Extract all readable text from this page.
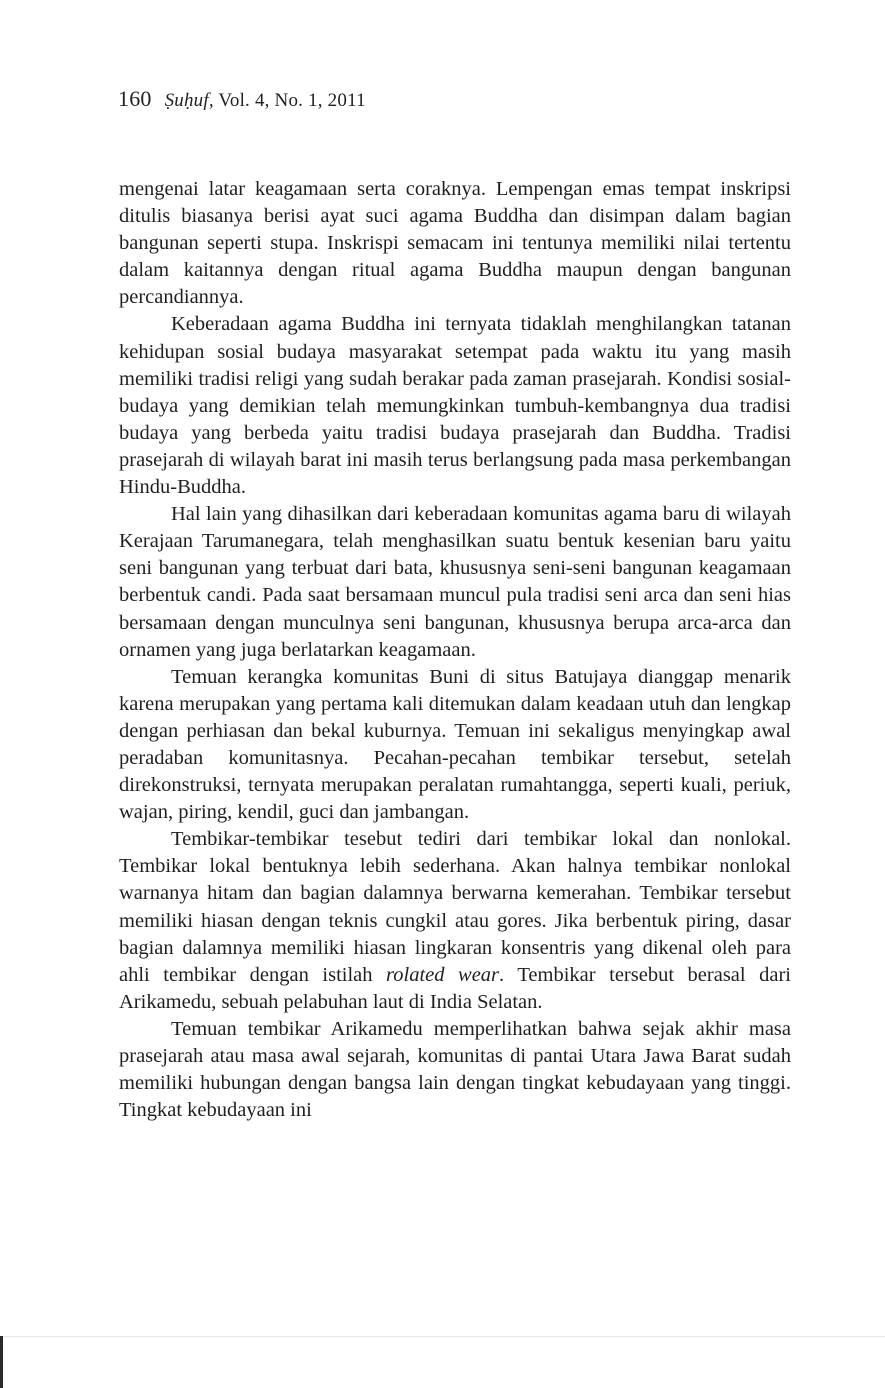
160 Ṣuḥuf, Vol. 4, No. 1, 2011

mengenai latar keagamaan serta coraknya. Lempengan emas tempat inskripsi ditulis biasanya berisi ayat suci agama Buddha dan disimpan dalam bagian bangunan seperti stupa. Inskrispi semacam ini tentunya memiliki nilai tertentu dalam kaitannya dengan ritual agama Buddha maupun dengan bangunan percandiannya.

Keberadaan agama Buddha ini ternyata tidaklah menghilangkan tatanan kehidupan sosial budaya masyarakat setempat pada waktu itu yang masih memiliki tradisi religi yang sudah berakar pada zaman prasejarah. Kondisi sosial-budaya yang demikian telah memungkinkan tumbuh-kembangnya dua tradisi budaya yang berbeda yaitu tradisi budaya prasejarah dan Buddha. Tradisi prasejarah di wilayah barat ini masih terus berlangsung pada masa perkembangan Hindu-Buddha.

Hal lain yang dihasilkan dari keberadaan komunitas agama baru di wilayah Kerajaan Tarumanegara, telah menghasilkan suatu bentuk kesenian baru yaitu seni bangunan yang terbuat dari bata, khususnya seni-seni bangunan keagamaan berbentuk candi. Pada saat bersamaan muncul pula tradisi seni arca dan seni hias bersamaan dengan munculnya seni bangunan, khususnya berupa arca-arca dan ornamen yang juga berlatarkan keagamaan.

Temuan kerangka komunitas Buni di situs Batujaya dianggap menarik karena merupakan yang pertama kali ditemukan dalam keadaan utuh dan lengkap dengan perhiasan dan bekal kuburnya. Temuan ini sekaligus menyingkap awal peradaban komunitasnya. Pecahan-pecahan tembikar tersebut, setelah direkonstruksi, ternyata merupakan peralatan rumahtangga, seperti kuali, periuk, wajan, piring, kendil, guci dan jambangan.

Tembikar-tembikar tesebut tediri dari tembikar lokal dan nonlokal. Tembikar lokal bentuknya lebih sederhana. Akan halnya tembikar nonlokal warnanya hitam dan bagian dalamnya berwarna kemerahan. Tembikar tersebut memiliki hiasan dengan teknis cungkil atau gores. Jika berbentuk piring, dasar bagian dalamnya memiliki hiasan lingkaran konsentris yang dikenal oleh para ahli tembikar dengan istilah rolated wear. Tembikar tersebut berasal dari Arikamedu, sebuah pelabuhan laut di India Selatan.

Temuan tembikar Arikamedu memperlihatkan bahwa sejak akhir masa prasejarah atau masa awal sejarah, komunitas di pantai Utara Jawa Barat sudah memiliki hubungan dengan bangsa lain dengan tingkat kebudayaan yang tinggi. Tingkat kebudayaan ini
